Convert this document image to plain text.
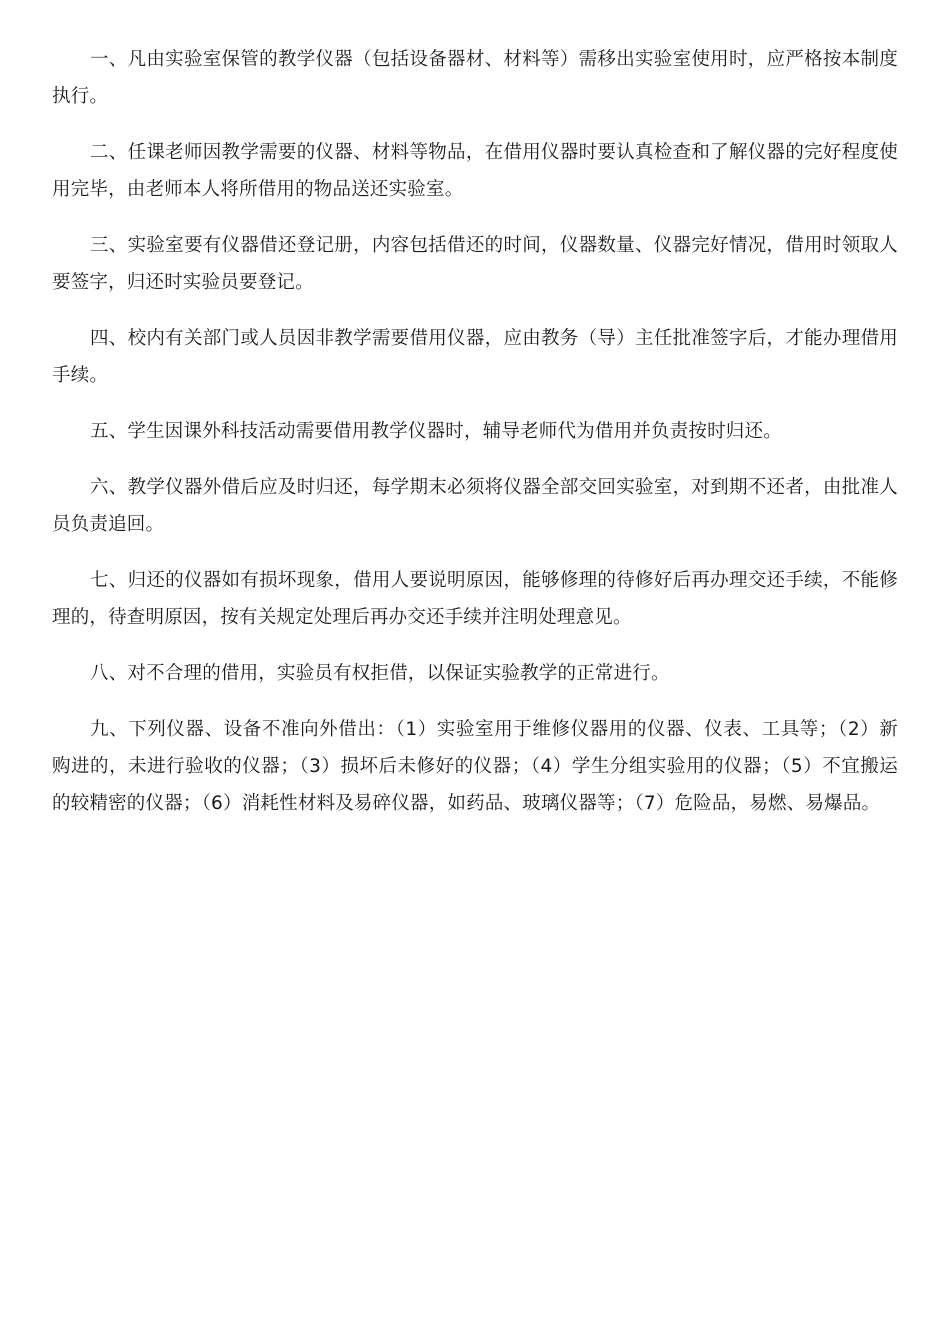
一、凡由实验室保管的教学仪器（包括设备器材、材料等）需移出实验室使用时，应严格按本制度执行。

二、任课老师因教学需要的仪器、材料等物品，在借用仪器时要认真检查和了解仪器的完好程度使用完毕，由老师本人将所借用的物品送还实验室。

三、实验室要有仪器借还登记册，内容包括借还的时间，仪器数量、仪器完好情况，借用时领取人要签字，归还时实验员要登记。

四、校内有关部门或人员因非教学需要借用仪器，应由教务（导）主任批准签字后，才能办理借用手续。

五、学生因课外科技活动需要借用教学仪器时，辅导老师代为借用并负责按时归还。

六、教学仪器外借后应及时归还，每学期末必须将仪器全部交回实验室，对到期不还者，由批准人员负责追回。

七、归还的仪器如有损坏现象，借用人要说明原因，能够修理的待修好后再办理交还手续，不能修理的，待查明原因，按有关规定处理后再办交还手续并注明处理意见。

八、对不合理的借用，实验员有权拒借，以保证实验教学的正常进行。

九、下列仪器、设备不准向外借出：（1）实验室用于维修仪器用的仪器、仪表、工具等；（2）新购进的，未进行验收的仪器；（3）损坏后未修好的仪器；（4）学生分组实验用的仪器；（5）不宜搬运的较精密的仪器；（6）消耗性材料及易碎仪器，如药品、玻璃仪器等；（7）危险品，易燃、易爆品。
